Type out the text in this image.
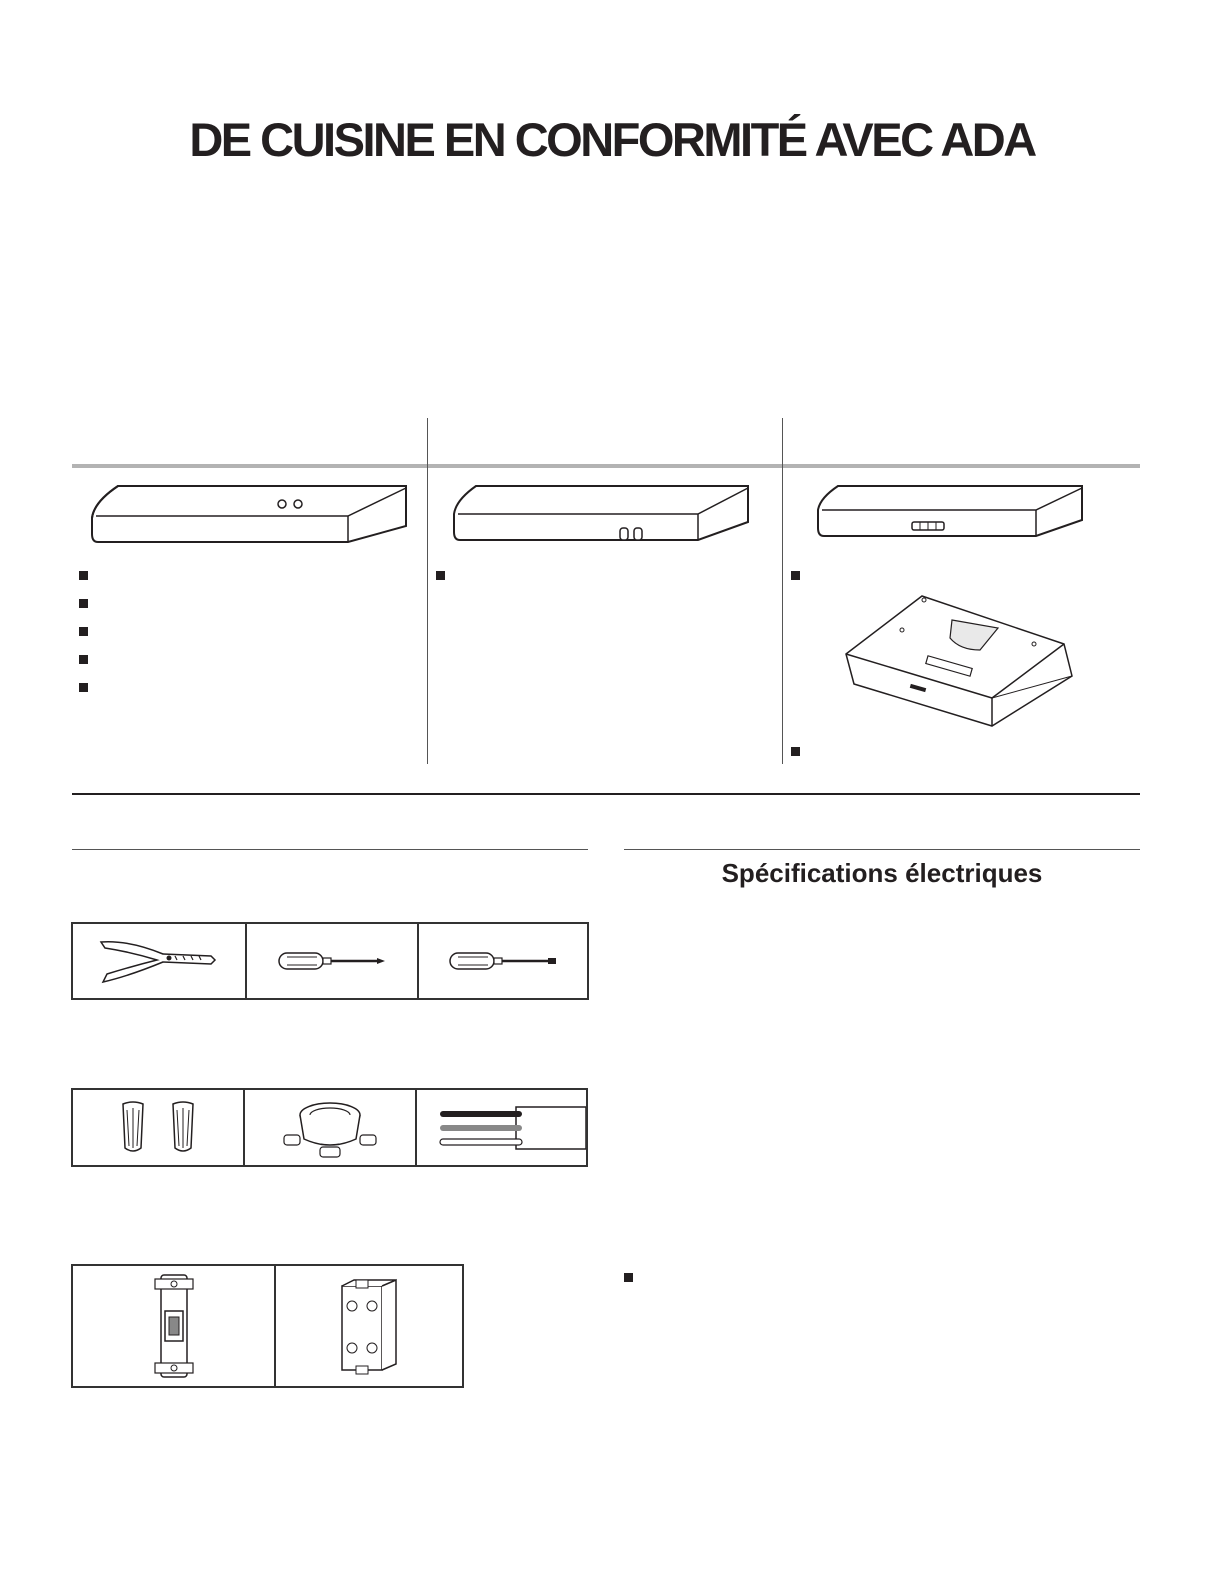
DE CUISINE EN CONFORMITÉ AVEC ADA
Spécifications électriques
